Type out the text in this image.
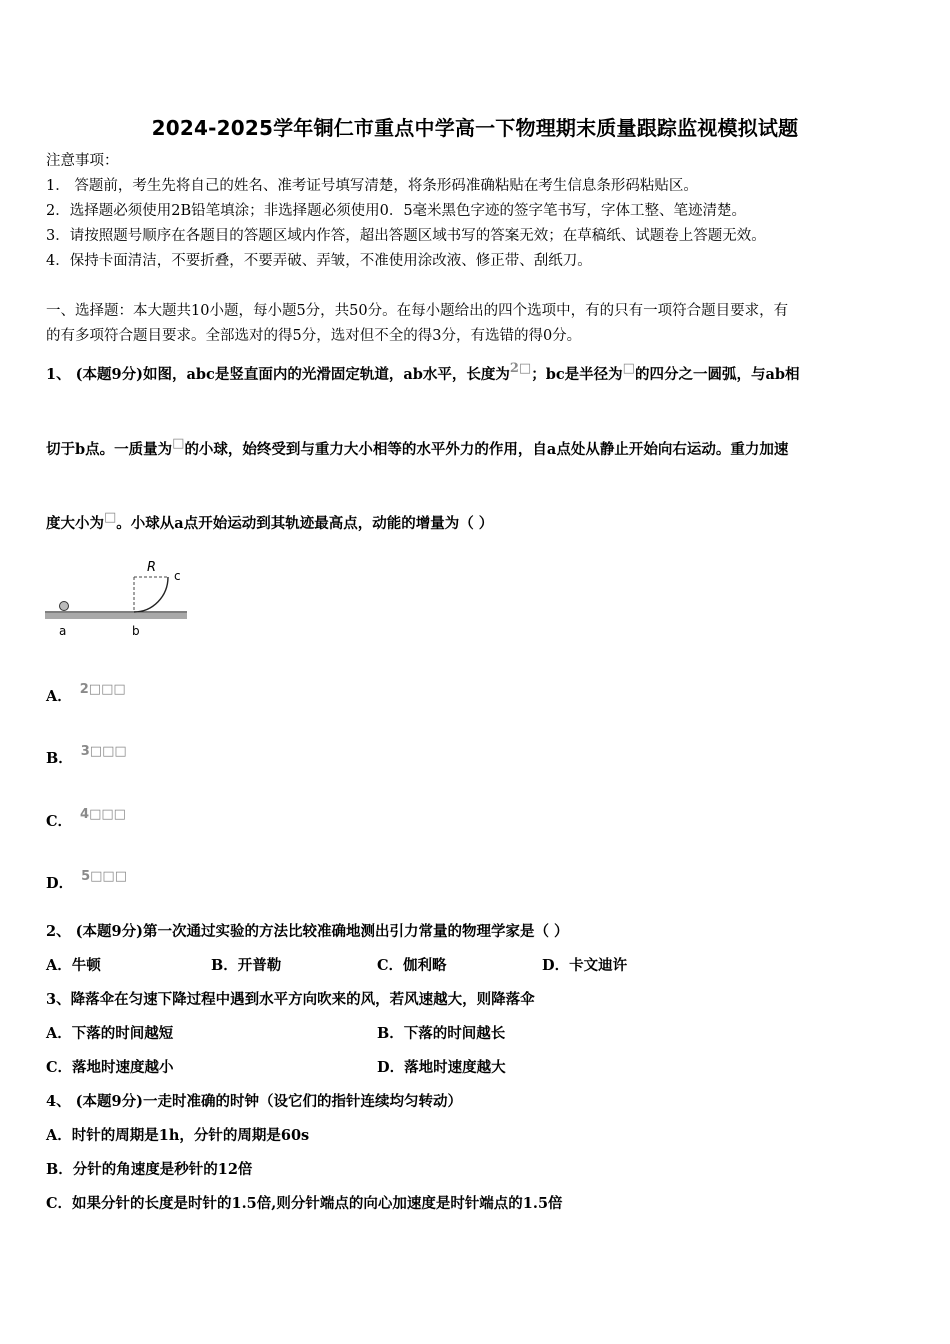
2024-2025学年铜仁市重点中学高一下物理期末质量跟踪监视模拟试题
注意事项：
1． 答题前，考生先将自己的姓名、准考证号填写清楚，将条形码准确粘贴在考生信息条形码粘贴区。
2．选择题必须使用2B铅笔填涂；非选择题必须使用0．5毫米黑色字迹的签字笔书写，字体工整、笔迹清楚。
3．请按照题号顺序在各题目的答题区域内作答，超出答题区域书写的答案无效；在草稿纸、试题卷上答题无效。
4．保持卡面清洁，不要折叠，不要弄破、弄皱，不准使用涂改液、修正带、刮纸刀。
一、选择题：本大题共10小题，每小题5分，共50分。在每小题给出的四个选项中，有的只有一项符合题目要求，有
的有多项符合题目要求。全部选对的得5分，选对但不全的得3分，有选错的得0分。
1、 (本题9分)如图，abc是竖直面内的光滑固定轨道，ab水平，长度为2□；bc是半径为□的四分之一圆弧，与ab相
切于b点。一质量为□的小球，始终受到与重力大小相等的水平外力的作用，自a点处从静止开始向右运动。重力加速
度大小为□。小球从a点开始运动到其轨迹最高点，动能的增量为（ ）
R
c
a	b
A． 2□□□
B． 3□□□
C． 4□□□
D． 5□□□
2、 (本题9分)第一次通过实验的方法比较准确地测出引力常量的物理学家是（ ）
A．牛顿	B．开普勒	C．伽利略	D．卡文迪许
3、降落伞在匀速下降过程中遇到水平方向吹来的风，若风速越大，则降落伞
A．下落的时间越短	B．下落的时间越长
C．落地时速度越小	D．落地时速度越大
4、 (本题9分)一走时准确的时钟（设它们的指针连续均匀转动）
A．时针的周期是1h，分针的周期是60s
B．分针的角速度是秒针的12倍
C．如果分针的长度是时针的1.5倍,则分针端点的向心加速度是时针端点的1.5倍
